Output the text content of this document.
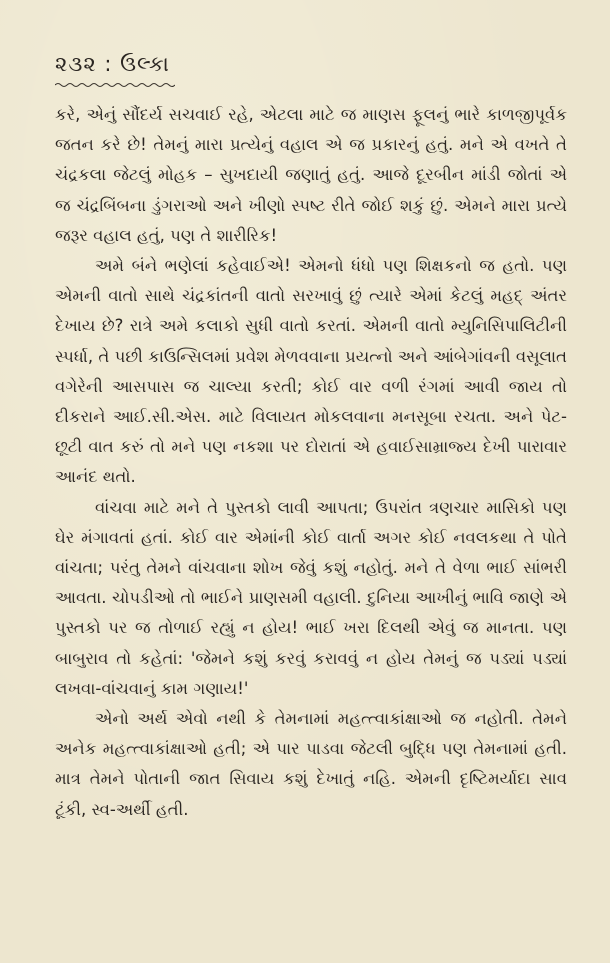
૨૩૨ : ઉલ્કા

કરે, એનું સૌંદર્ય સચવાઈ રહે, એટલા માટે જ માણસ ફૂલનું ભારે કાળજીપૂર્વક જતન કરે છે! તેમનું મારા પ્રત્યેનું વહાલ એ જ પ્રકારનું હતું. મને એ વખતે તે ચંદ્રકલા જેટલું મોહક – સુખદાયી જણાતું હતું. આજે દૂરબીન માંડી જોતાં એ જ ચંદ્રબિંબના ડુંગરાઓ અને ખીણો સ્પષ્ટ રીતે જોઈ શકું છું. એમને મારા પ્રત્યે જરૂર વહાલ હતું, પણ તે શારીરિક!

અમે બંને ભણેલાં કહેવાઈએ! એમનો ધંધો પણ શિક્ષકનો જ હતો. પણ એમની વાતો સાથે ચંદ્રકાંતની વાતો સરખાવું છું ત્યારે એમાં કેટલું મહદ્ અંતર દેખાય છે? રાત્રે અમે કલાકો સુધી વાતો કરતાં. એમની વાતો મ્યુનિસિપાલિટીની સ્પર્ધા, તે પછી કાઉન્સિલમાં પ્રવેશ મેળવવાના પ્રયત્નો અને આંબેગાંવની વસૂલાત વગેરેની આસપાસ જ ચાલ્યા કરતી; કોઈ વાર વળી રંગમાં આવી જાય તો દીકરાને આઈ.સી.એસ. માટે વિલાયત મોકલવાના મનસૂબા રચતા. અને પેટ-છૂટી વાત કરું તો મને પણ નકશા પર દોરાતાં એ હવાઈસામ્રાજ્ય દેખી પારાવાર આનંદ થતો.

વાંચવા માટે મને તે પુસ્તકો લાવી આપતા; ઉપરાંત ત્રણચાર માસિકો પણ ઘેર મંગાવતાં હતાં. કોઈ વાર એમાંની કોઈ વાર્તા અગર કોઈ નવલકથા તે પોતે વાંચતા; પરંતુ તેમને વાંચવાના શોખ જેવું કશું નહોતું. મને તે વેળા ભાઈ સાંભરી આવતા. ચોપડીઓ તો ભાઈને પ્રાણસમી વહાલી. દુનિયા આખીનું ભાવિ જાણે એ પુસ્તકો પર જ તોળાઈ રહ્યું ન હોય! ભાઈ ખરા દિલથી એવું જ માનતા. પણ બાબુરાવ તો કહેતાં: 'જેમને કશું કરવું કરાવવું ન હોય તેમનું જ પડ્યાં પડ્યાં લખવા-વાંચવાનું કામ ગણાય!'

એનો અર્થ એવો નથી કે તેમનામાં મહત્ત્વાકાંક્ષાઓ જ નહોતી. તેમને અનેક મહત્ત્વાકાંક્ષાઓ હતી; એ પાર પાડવા જેટલી બુદ્ધિ પણ તેમનામાં હતી. માત્ર તેમને પોતાની જાત સિવાય કશું દેખાતું નહિ. એમની દૃષ્ટિમર્યાદા સાવ ટૂંકી, સ્વ-અર્થી હતી.
